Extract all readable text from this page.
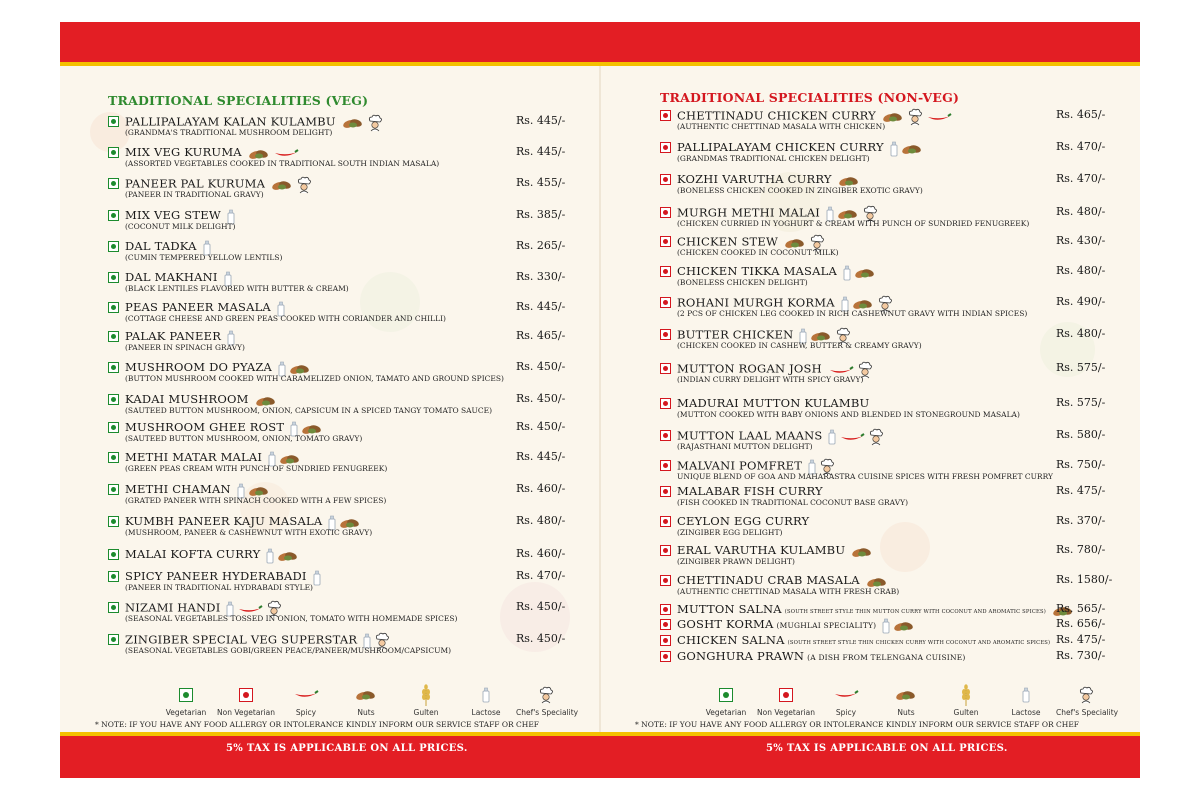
TRADITIONAL SPECIALITIES (VEG)
PALLIPALAYAM KALAN KULAMBU
(GRANDMA'S TRADITIONAL MUSHROOM DELIGHT)
Rs. 445/-
MIX VEG KURUMA
(ASSORTED VEGETABLES COOKED IN TRADITIONAL SOUTH INDIAN MASALA)
Rs. 445/-
PANEER PAL KURUMA
(PANEER IN TRADITIONAL GRAVY)
Rs. 455/-
MIX VEG STEW
(COCONUT MILK DELIGHT)
Rs. 385/-
DAL TADKA
(CUMIN TEMPERED YELLOW LENTILS)
Rs. 265/-
DAL MAKHANI
(BLACK LENTILES FLAVORED WITH BUTTER & CREAM)
Rs. 330/-
PEAS PANEER MASALA
(COTTAGE CHEESE AND GREEN PEAS COOKED WITH CORIANDER AND CHILLI)
Rs. 445/-
PALAK PANEER
(PANEER IN SPINACH GRAVY)
Rs. 465/-
MUSHROOM DO PYAZA
(BUTTON MUSHROOM COOKED WITH CARAMELIZED ONION, TAMATO AND GROUND SPICES)
Rs. 450/-
KADAI MUSHROOM
(SAUTEED BUTTON MUSHROOM, ONION, CAPSICUM IN A SPICED TANGY TOMATO SAUCE)
Rs. 450/-
MUSHROOM GHEE ROST
(SAUTEED BUTTON MUSHROOM, ONION, TOMATO GRAVY)
Rs. 450/-
METHI MATAR MALAI
(GREEN PEAS CREAM WITH PUNCH OF SUNDRIED FENUGREEK)
Rs. 445/-
METHI CHAMAN
(GRATED PANEER WITH SPINACH COOKED WITH A FEW SPICES)
Rs. 460/-
KUMBH PANEER KAJU MASALA
(MUSHROOM, PANEER & CASHEWNUT WITH EXOTIC GRAVY)
Rs. 480/-
MALAI KOFTA CURRY	Rs. 460/-
SPICY PANEER HYDERABADI
(PANEER IN TRADITIONAL HYDRABADI STYLE)
Rs. 470/-
NIZAMI HANDI
(SEASONAL VEGETABLES TOSSED IN ONION, TOMATO WITH HOMEMADE SPICES)
Rs. 450/-
ZINGIBER SPECIAL VEG SUPERSTAR
(SEASONAL VEGETABLES GOBI/GREEN PEACE/PANEER/MUSHROOM/CAPSICUM)
Rs. 450/-
TRADITIONAL SPECIALITIES (NON-VEG)
CHETTINADU CHICKEN CURRY
(AUTHENTIC CHETTINAD MASALA WITH CHICKEN)
Rs. 465/-
PALLIPALAYAM CHICKEN CURRY
(GRANDMAS TRADITIONAL CHICKEN DELIGHT)
Rs. 470/-
KOZHI VARUTHA CURRY
(BONELESS CHICKEN COOKED IN ZINGIBER EXOTIC GRAVY)
Rs. 470/-
MURGH METHI MALAI
(CHICKEN CURRIED IN YOGHURT & CREAM WITH PUNCH OF SUNDRIED FENUGREEK)
Rs. 480/-
CHICKEN STEW
(CHICKEN COOKED IN COCONUT MILK)
Rs. 430/-
CHICKEN TIKKA MASALA
(BONELESS CHICKEN DELIGHT)
Rs. 480/-
ROHANI MURGH KORMA
(2 PCS OF CHICKEN LEG COOKED IN RICH CASHEWNUT GRAVY WITH INDIAN SPICES)
Rs. 490/-
BUTTER CHICKEN
(CHICKEN COOKED IN CASHEW, BUTTER & CREAMY GRAVY)
Rs. 480/-
MUTTON ROGAN JOSH
(INDIAN CURRY DELIGHT WITH SPICY GRAVY)
Rs. 575/-
MADURAI MUTTON KULAMBU
(MUTTON COOKED WITH BABY ONIONS AND BLENDED IN STONEGROUND MASALA)
Rs. 575/-
MUTTON LAAL MAANS
(RAJASTHANI MUTTON DELIGHT)
Rs. 580/-
MALVANI POMFRET
UNIQUE BLEND OF GOA AND MAHARASTRA CUISINE SPICES WITH FRESH POMFRET CURRY
Rs. 750/-
MALABAR FISH CURRY
(FISH COOKED IN TRADITIONAL COCONUT BASE GRAVY)
Rs. 475/-
CEYLON EGG CURRY
(ZINGIBER EGG DELIGHT)
Rs. 370/-
ERAL VARUTHA KULAMBU
(ZINGIBER PRAWN DELIGHT)
Rs. 780/-
CHETTINADU CRAB MASALA
(AUTHENTIC CHETTINAD MASALA WITH FRESH CRAB)
Rs. 1580/-
MUTTON SALNA (SOUTH STREET STYLE THIN MUTTON CURRY WITH COCONUT AND AROMATIC SPICES) Rs. 565/-
GOSHT KORMA (MUGHLAI SPECIALITY)	Rs. 656/-
CHICKEN SALNA (SOUTH STREET STYLE THIN CHICKEN CURRY WITH COCONUT AND AROMATIC SPICES) Rs. 475/-
GONGHURA PRAWN (A DISH FROM TELENGANA CUISINE)	Rs. 730/-
Vegetarian	Non Vegetarian	Spicy	Nuts	Gulten	Lactose	Chef's Speciality	Vegetarian	Non Vegetarian	Spicy	Nuts	Gulten	Lactose	Chef's Speciality
* NOTE: IF YOU HAVE ANY FOOD ALLERGY OR INTOLERANCE KINDLY INFORM OUR SERVICE STAFF OR CHEF	* NOTE: IF YOU HAVE ANY FOOD ALLERGY OR INTOLERANCE KINDLY INFORM OUR SERVICE STAFF OR CHEF
5% TAX IS APPLICABLE ON ALL PRICES.	5% TAX IS APPLICABLE ON ALL PRICES.
